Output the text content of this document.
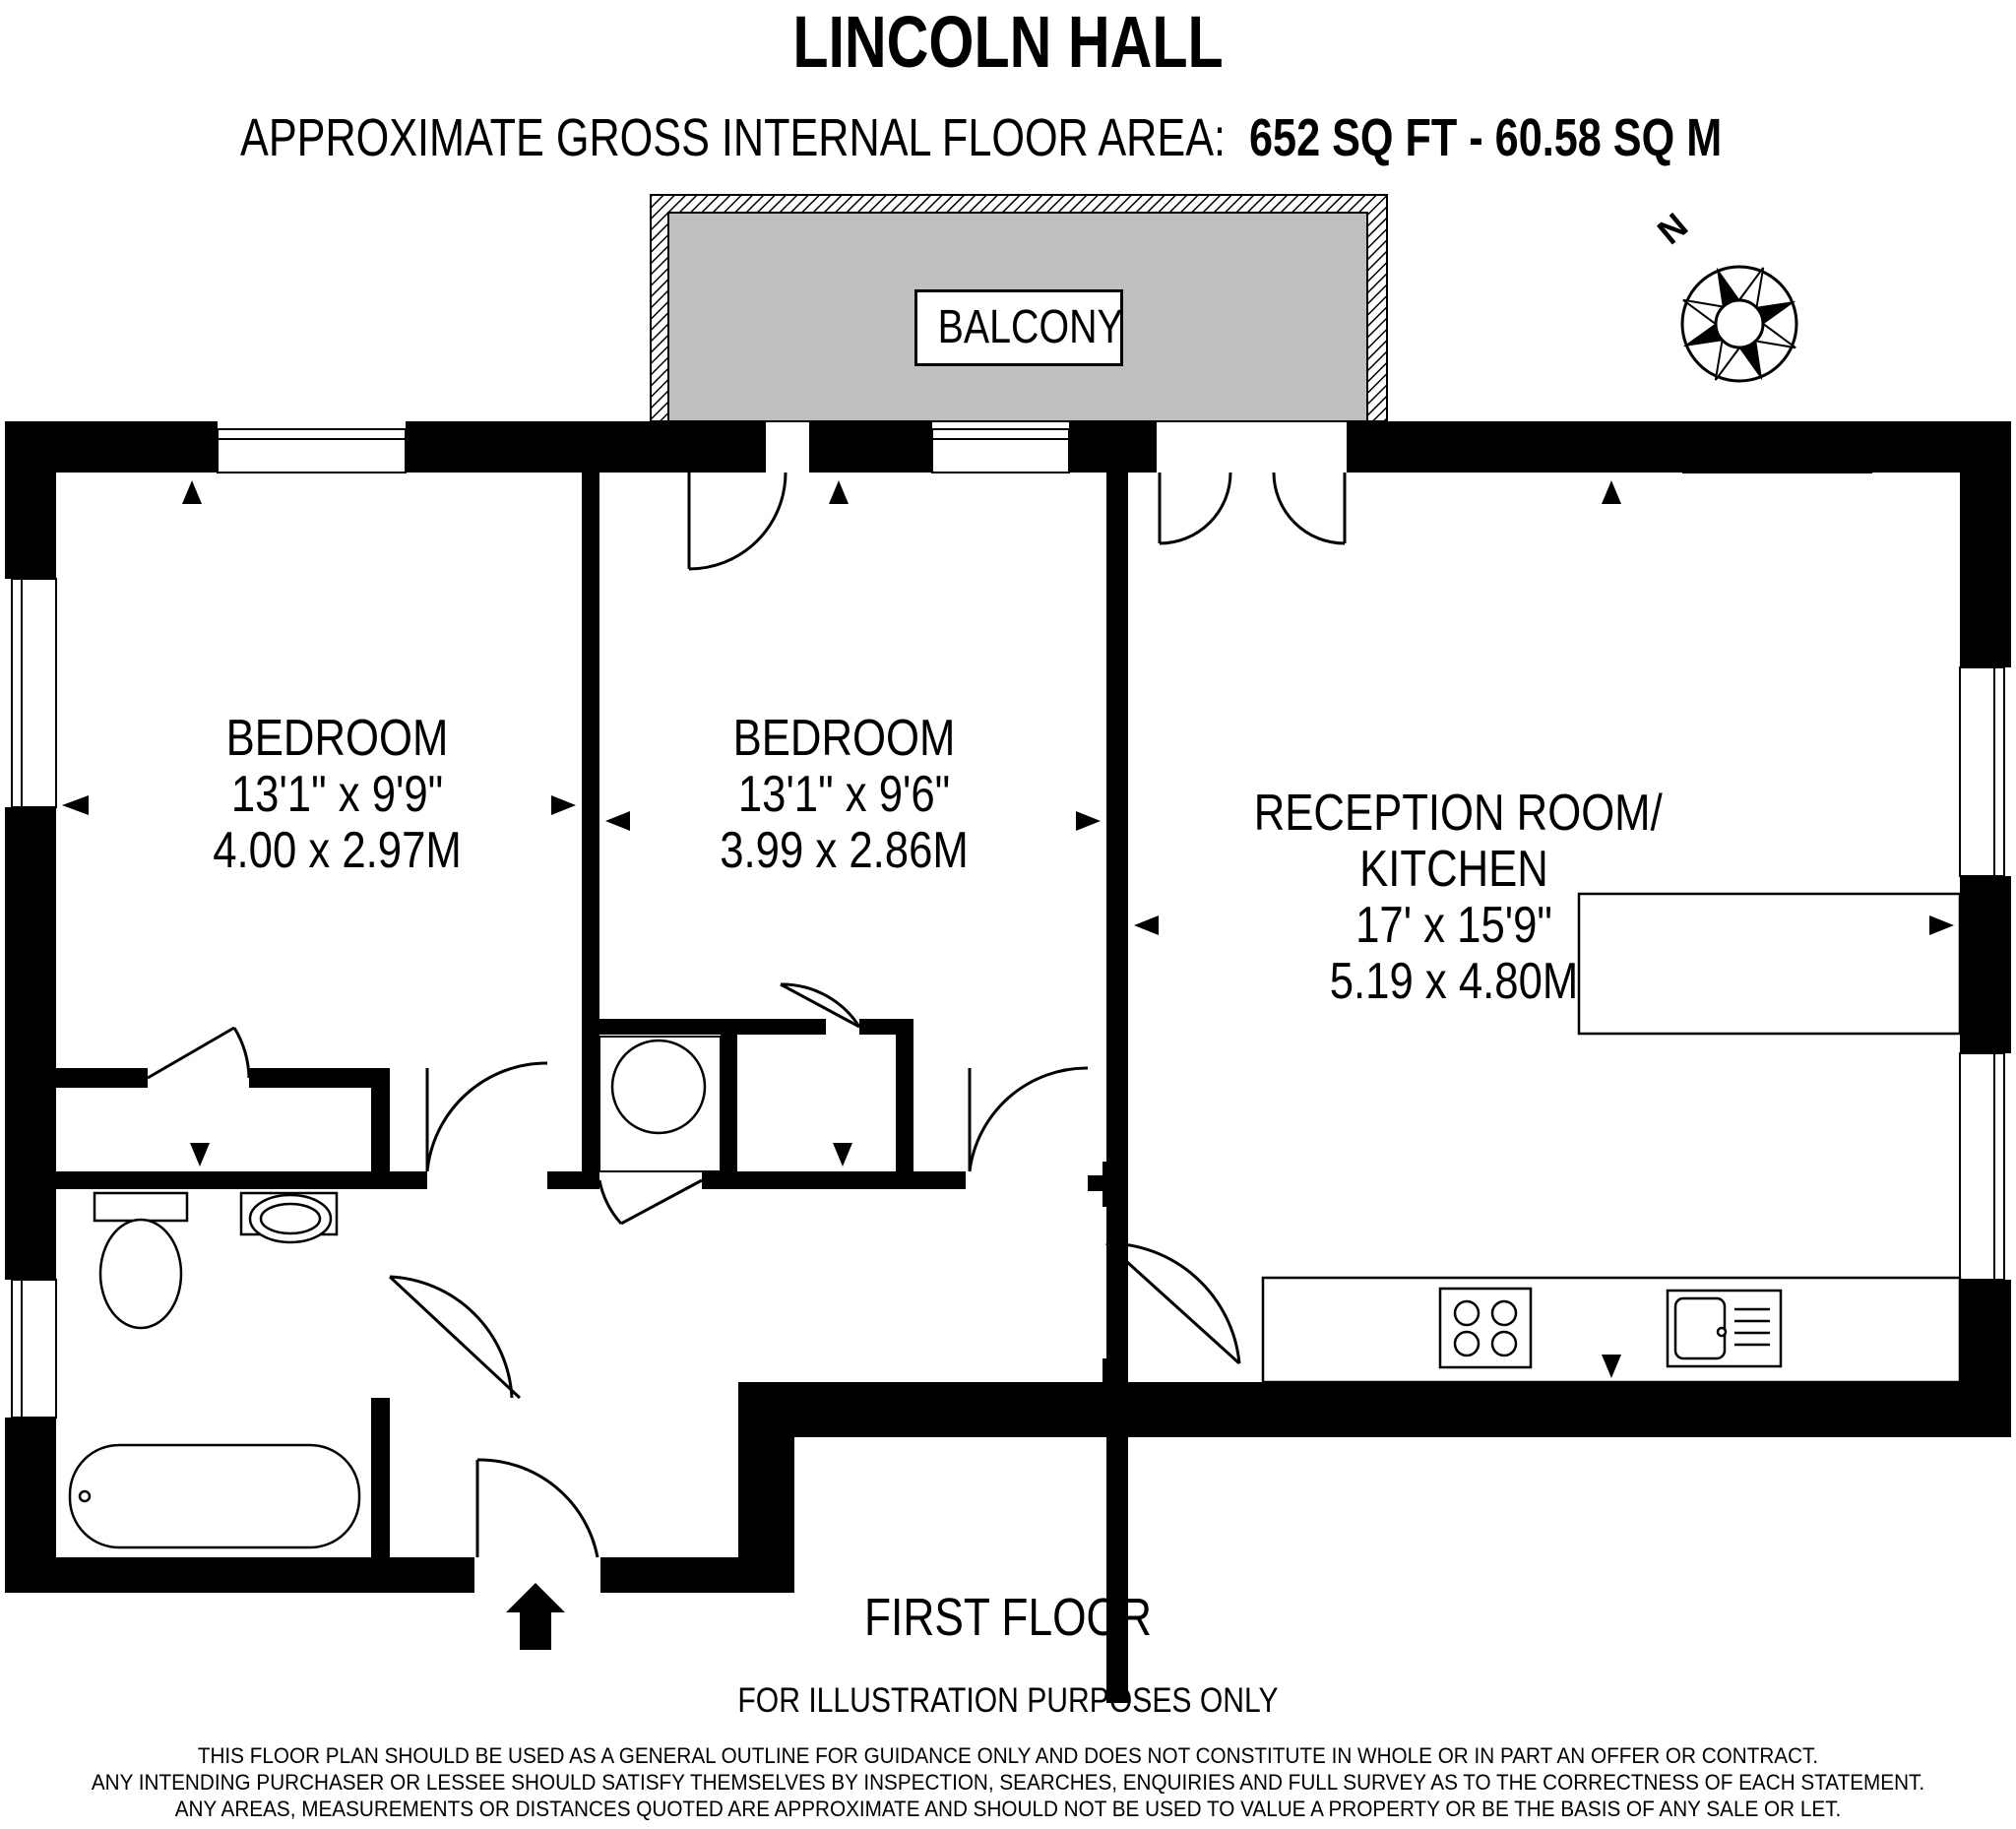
LINCOLN HALL
APPROXIMATE GROSS INTERNAL FLOOR AREA: 652 SQ FT - 60.58 SQ M
N
BALCONY
BEDROOM
13'1" x 9'9"
4.00 x 2.97M
BEDROOM
13'1" x 9'6"
3.99 x 2.86M
RECEPTION ROOM/
KITCHEN
17' x 15'9"
5.19 x 4.80M
FIRST FLOOR
FOR ILLUSTRATION PURPOSES ONLY
THIS FLOOR PLAN SHOULD BE USED AS A GENERAL OUTLINE FOR GUIDANCE ONLY AND DOES NOT CONSTITUTE IN WHOLE OR IN PART AN OFFER OR CONTRACT.
ANY INTENDING PURCHASER OR LESSEE SHOULD SATISFY THEMSELVES BY INSPECTION, SEARCHES, ENQUIRIES AND FULL SURVEY AS TO THE CORRECTNESS OF EACH STATEMENT.
ANY AREAS, MEASUREMENTS OR DISTANCES QUOTED ARE APPROXIMATE AND SHOULD NOT BE USED TO VALUE A PROPERTY OR BE THE BASIS OF ANY SALE OR LET.
